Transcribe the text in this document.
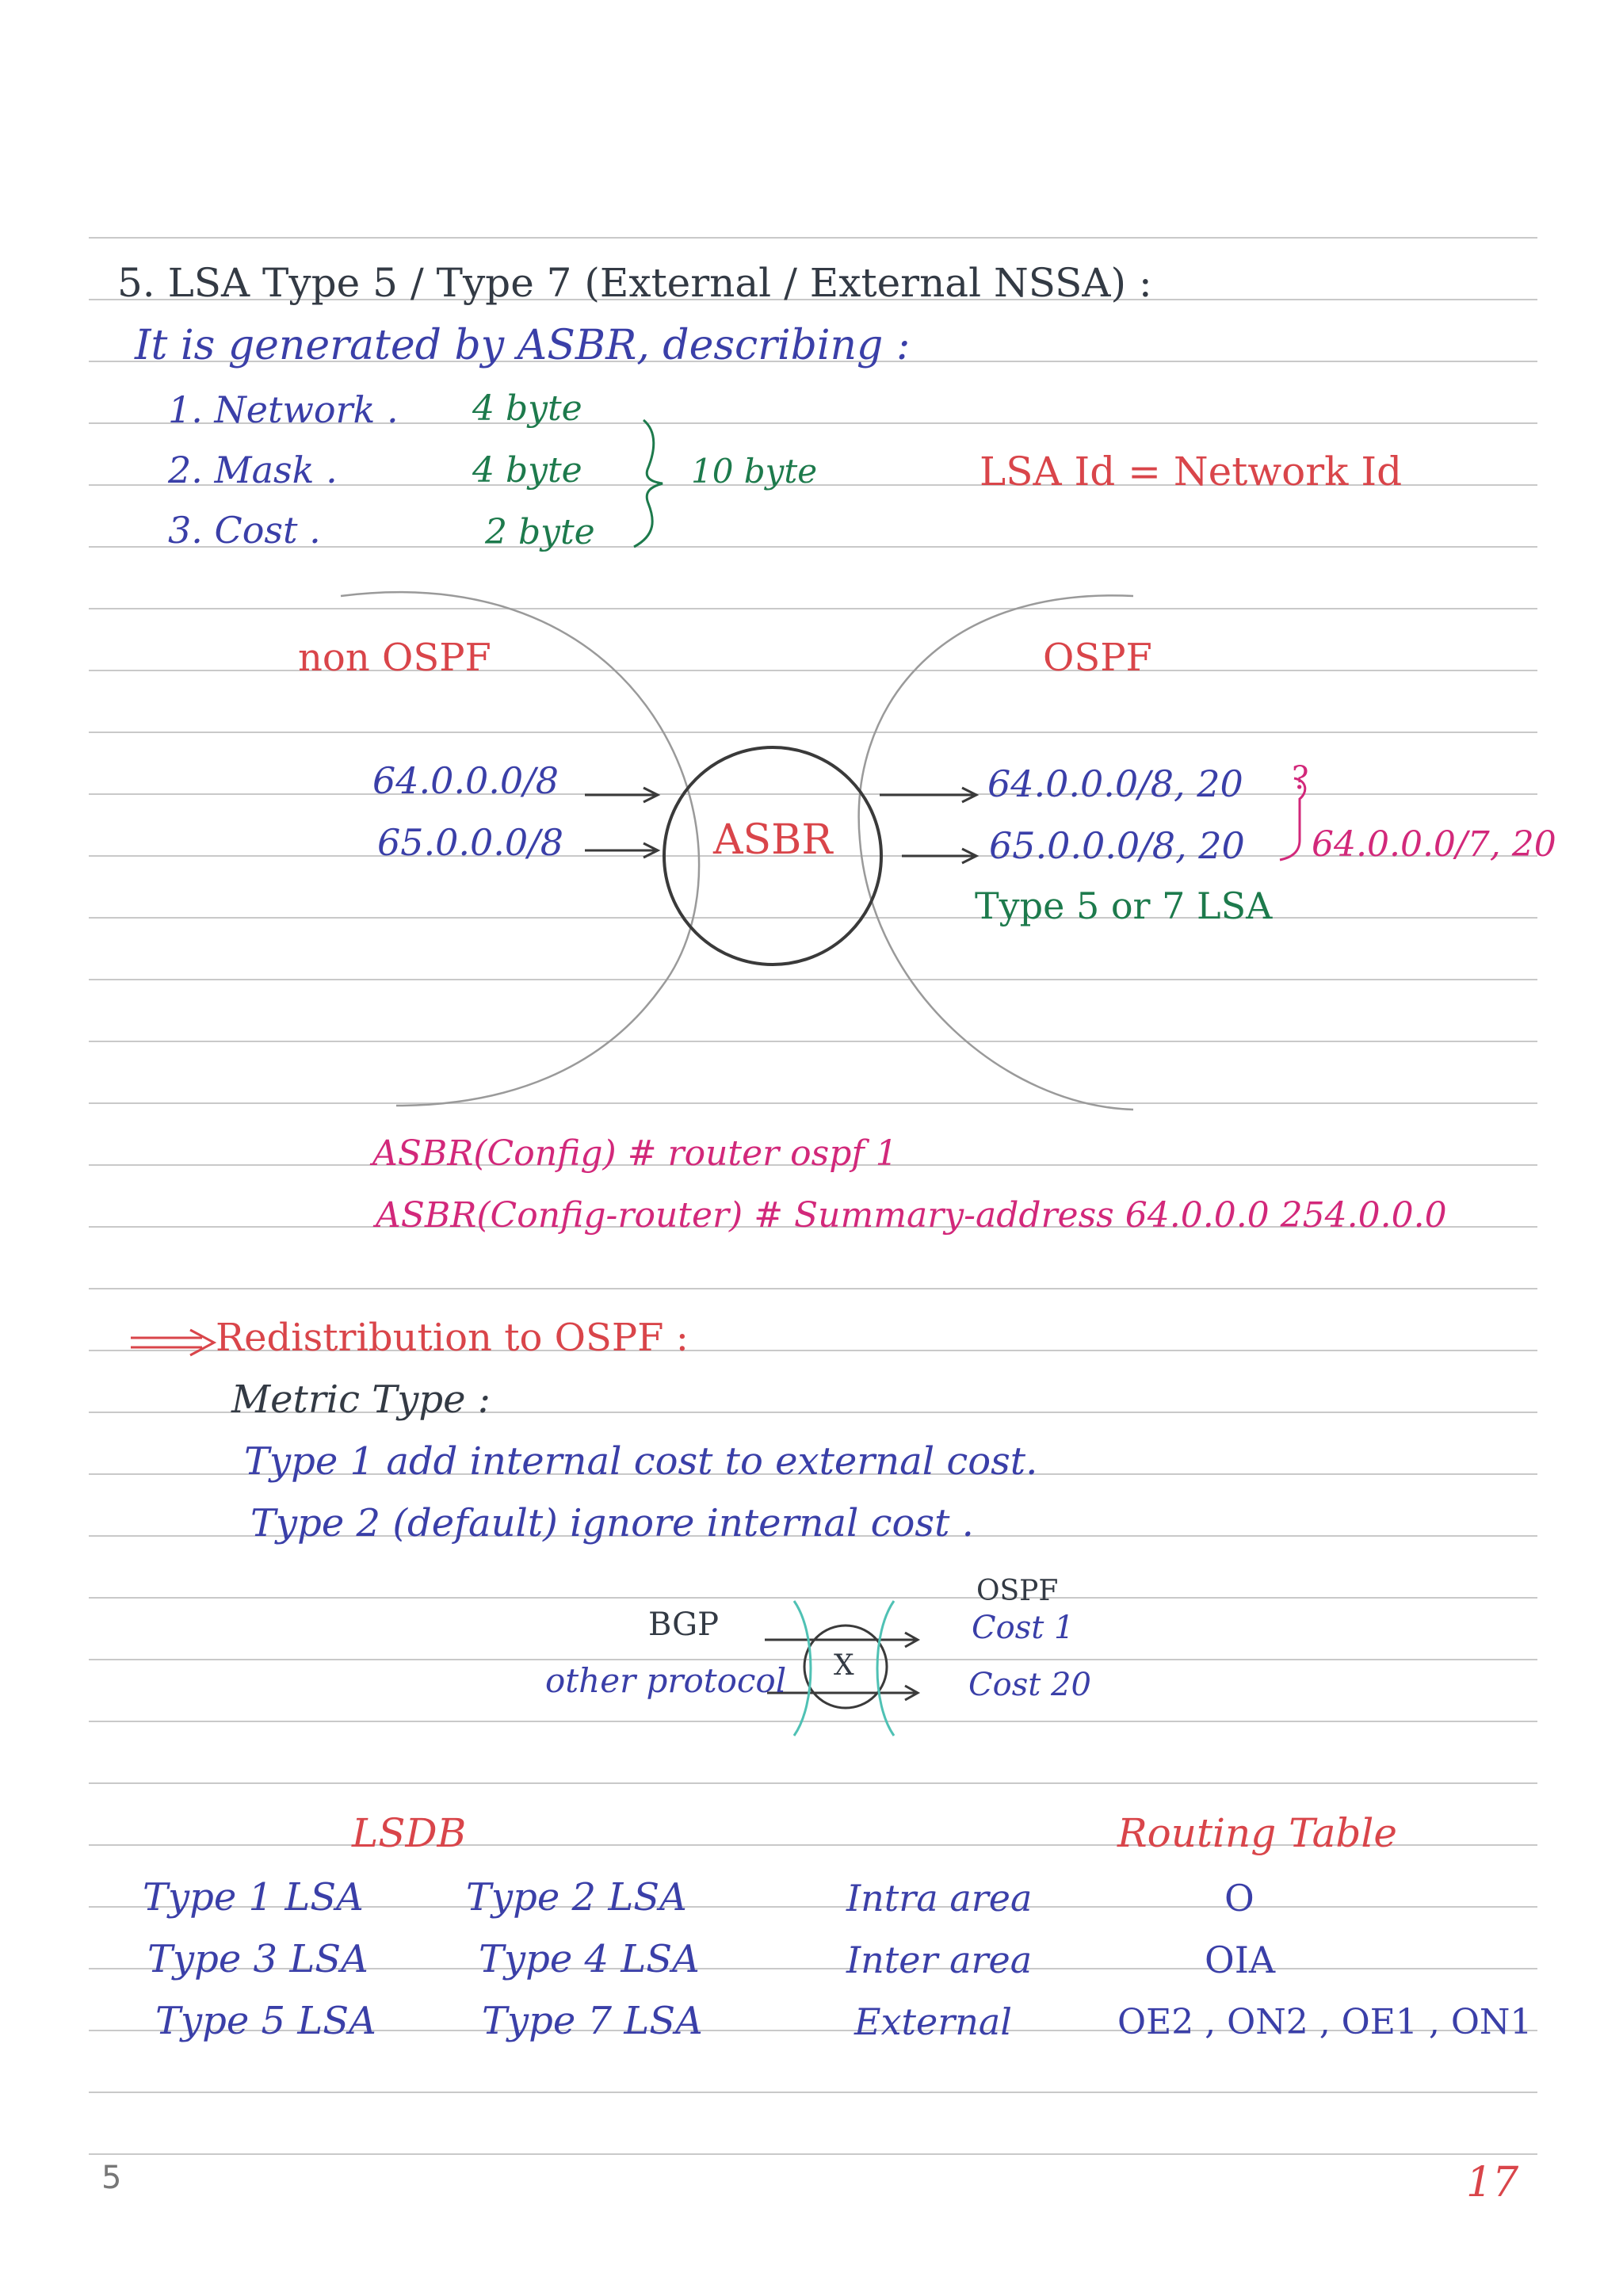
5. LSA Type 5 / Type 7 (External / External NSSA) :
It is generated by ASBR, describing :
1. Network . 4 byte
2. Mask .	4 byte
3. Cost .	2 byte
10 byte	LSA Id = Network Id
non OSPF	OSPF
64.0.0.0/8
65.0.0.0/8	ASBR
64.0.0.0/8, 20
65.0.0.0/8, 20
?
64.0.0.0/7, 20
Type 5 or 7 LSA
ASBR(Config) # router ospf 1
ASBR(Config-router) # Summary-address 64.0.0.0 254.0.0.0
Redistribution to OSPF :
Metric Type :
Type 1 add internal cost to external cost.
Type 2 (default) ignore internal cost .
BGP
other protocol X
OSPF
Cost 1
Cost 20
LSDB	Routing Table
Type 1 LSA	Type 2 LSA	Intra area	O
Type 3 LSA	Type 4 LSA	Inter area	OIA
Type 5 LSA	Type 7 LSA	External	OE2 , ON2 , OE1 , ON1
5	17
